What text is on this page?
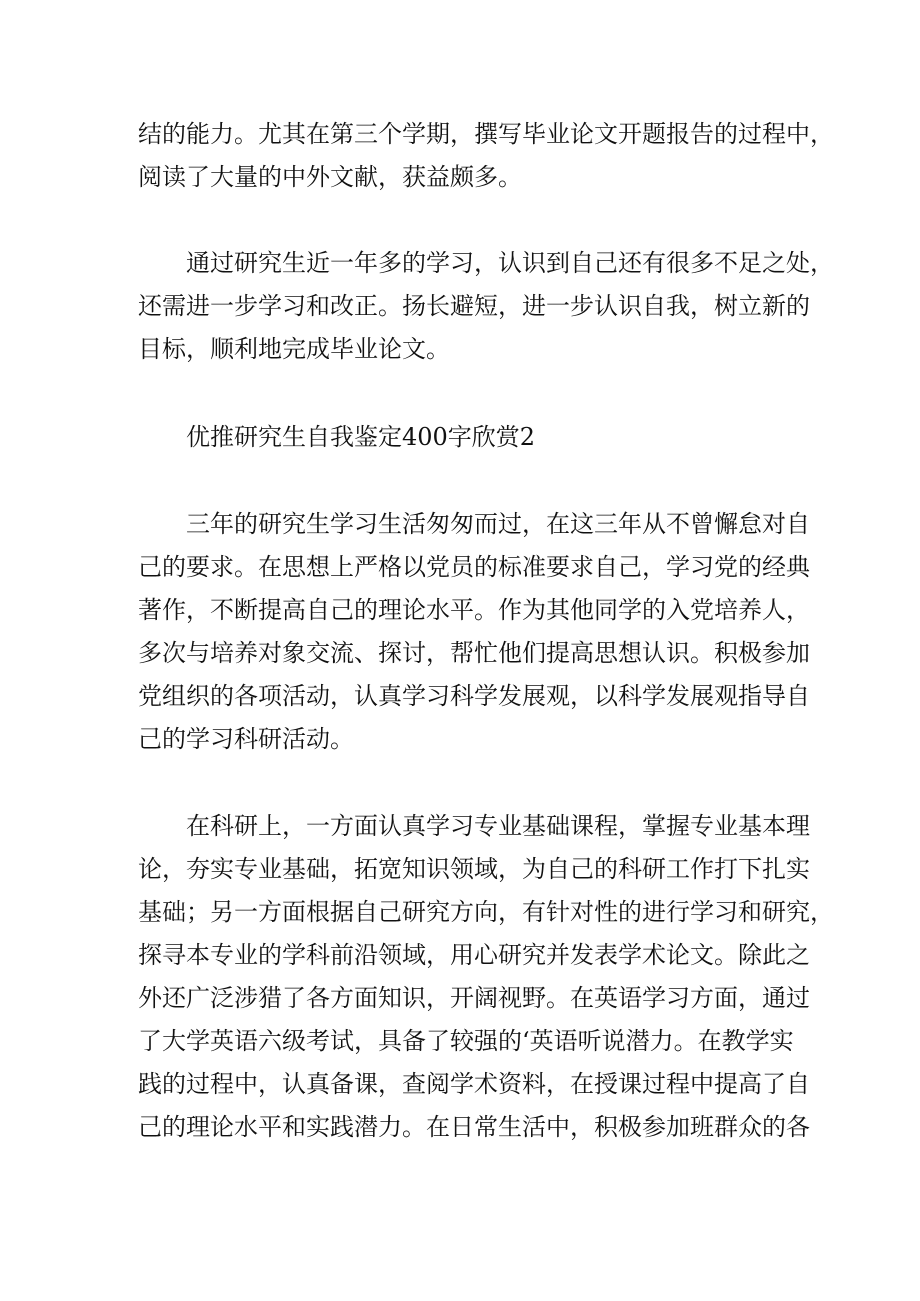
结的能力。尤其在第三个学期，撰写毕业论文开题报告的过程中，
阅读了大量的中外文献，获益颇多。
通过研究生近一年多的学习，认识到自己还有很多不足之处，
还需进一步学习和改正。扬长避短，进一步认识自我，树立新的
目标，顺利地完成毕业论文。
优推研究生自我鉴定400字欣赏2
三年的研究生学习生活匆匆而过，在这三年从不曾懈怠对自
己的要求。在思想上严格以党员的标准要求自己，学习党的经典
著作，不断提高自己的理论水平。作为其他同学的入党培养人，
多次与培养对象交流、探讨，帮忙他们提高思想认识。积极参加
党组织的各项活动，认真学习科学发展观，以科学发展观指导自
己的学习科研活动。
在科研上，一方面认真学习专业基础课程，掌握专业基本理
论，夯实专业基础，拓宽知识领域，为自己的科研工作打下扎实
基础；另一方面根据自己研究方向，有针对性的进行学习和研究，
探寻本专业的学科前沿领域，用心研究并发表学术论文。除此之
外还广泛涉猎了各方面知识，开阔视野。在英语学习方面，通过
了大学英语六级考试，具备了较强的‘英语听说潜力。在教学实
践的过程中，认真备课，查阅学术资料，在授课过程中提高了自
己的理论水平和实践潜力。在日常生活中，积极参加班群众的各
